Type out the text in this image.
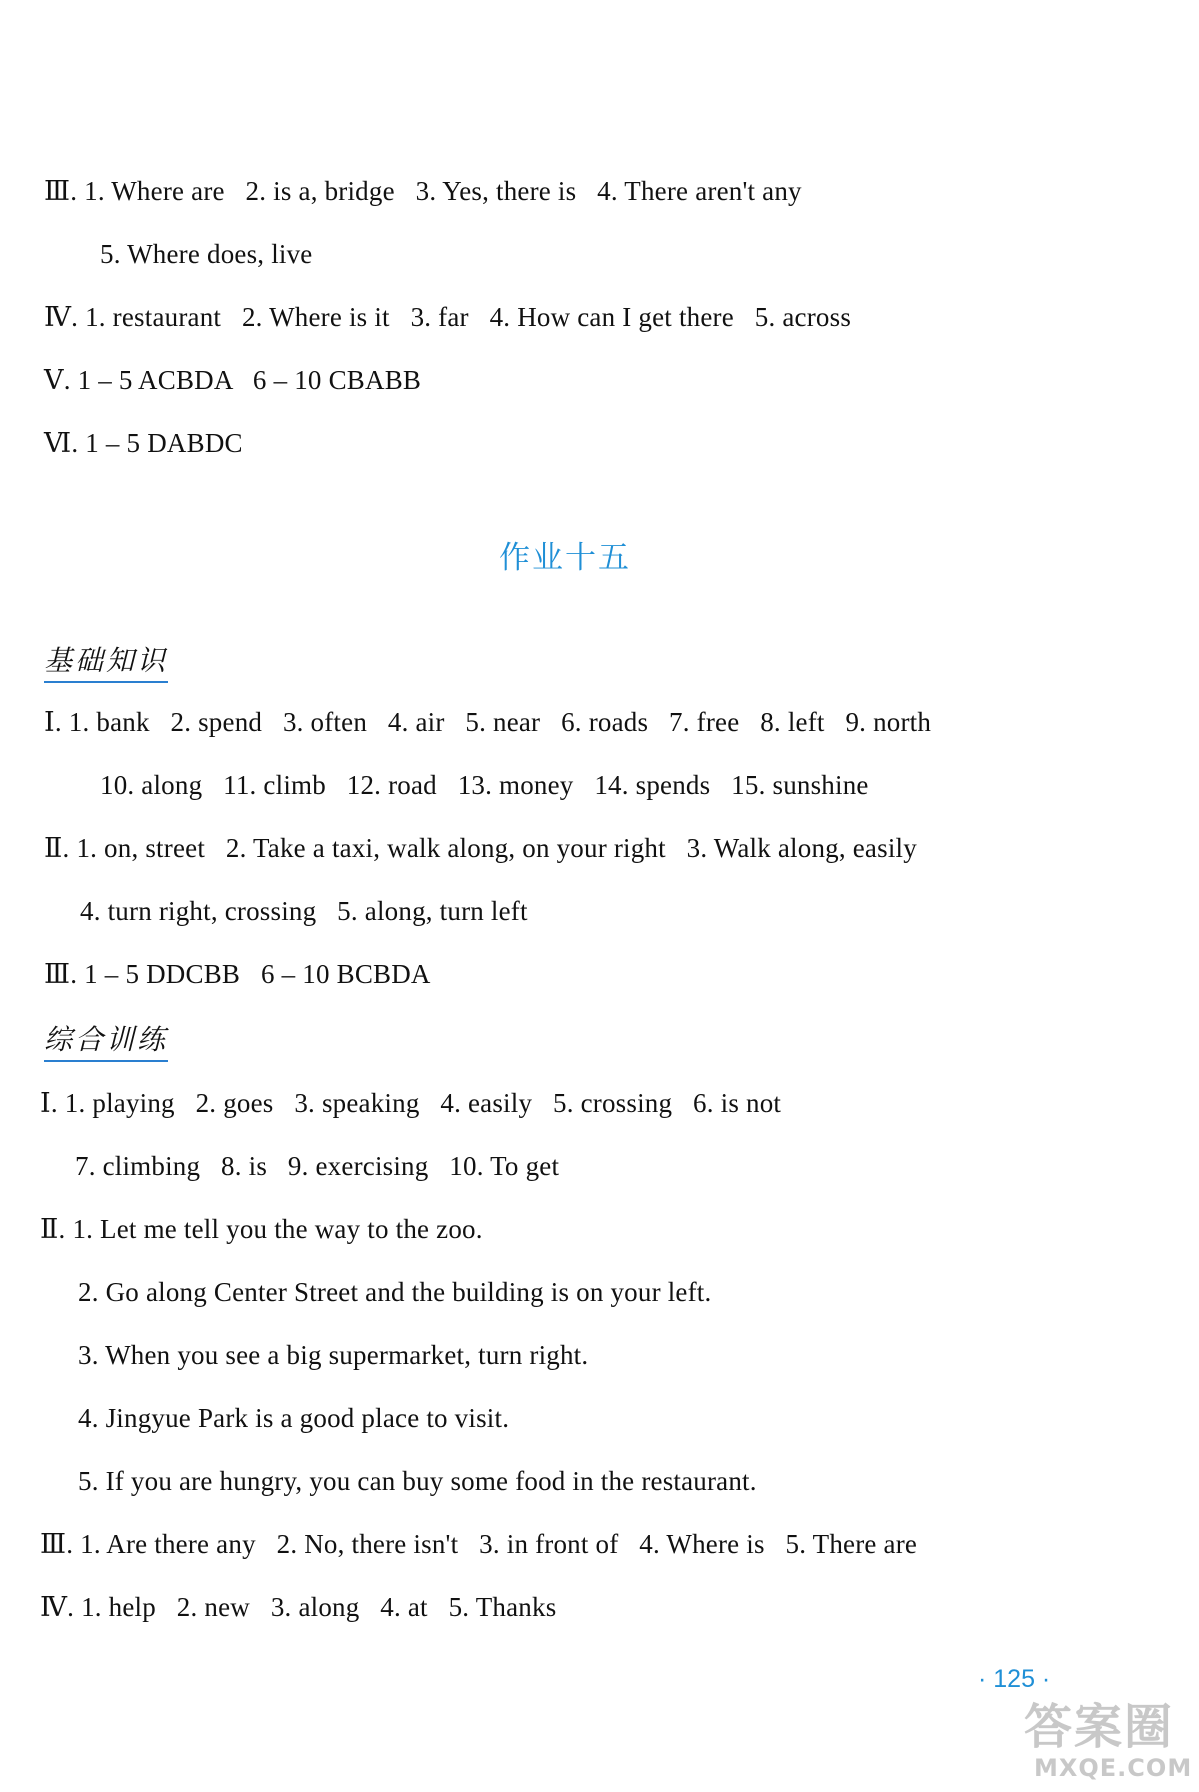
Ⅲ. 1. Where are   2. is a, bridge   3. Yes, there is   4. There aren't any
5. Where does, live
Ⅳ. 1. restaurant   2. Where is it   3. far   4. How can I get there   5. across
Ⅴ. 1 – 5 ACBDA   6 – 10 CBABB
Ⅵ. 1 – 5 DABDC
作业十五
基础知识
Ⅰ. 1. bank   2. spend   3. often   4. air   5. near   6. roads   7. free   8. left   9. north
10. along   11. climb   12. road   13. money   14. spends   15. sunshine
Ⅱ. 1. on, street   2. Take a taxi, walk along, on your right   3. Walk along, easily
4. turn right, crossing   5. along, turn left
Ⅲ. 1 – 5 DDCBB   6 – 10 BCBDA
综合训练
Ⅰ. 1. playing   2. goes   3. speaking   4. easily   5. crossing   6. is not
7. climbing   8. is   9. exercising   10. To get
Ⅱ. 1. Let me tell you the way to the zoo.
2. Go along Center Street and the building is on your left.
3. When you see a big supermarket, turn right.
4. Jingyue Park is a good place to visit.
5. If you are hungry, you can buy some food in the restaurant.
Ⅲ. 1. Are there any   2. No, there isn't   3. in front of   4. Where is   5. There are
Ⅳ. 1. help   2. new   3. along   4. at   5. Thanks
· 125 ·
答案圈
MXQE.COM
